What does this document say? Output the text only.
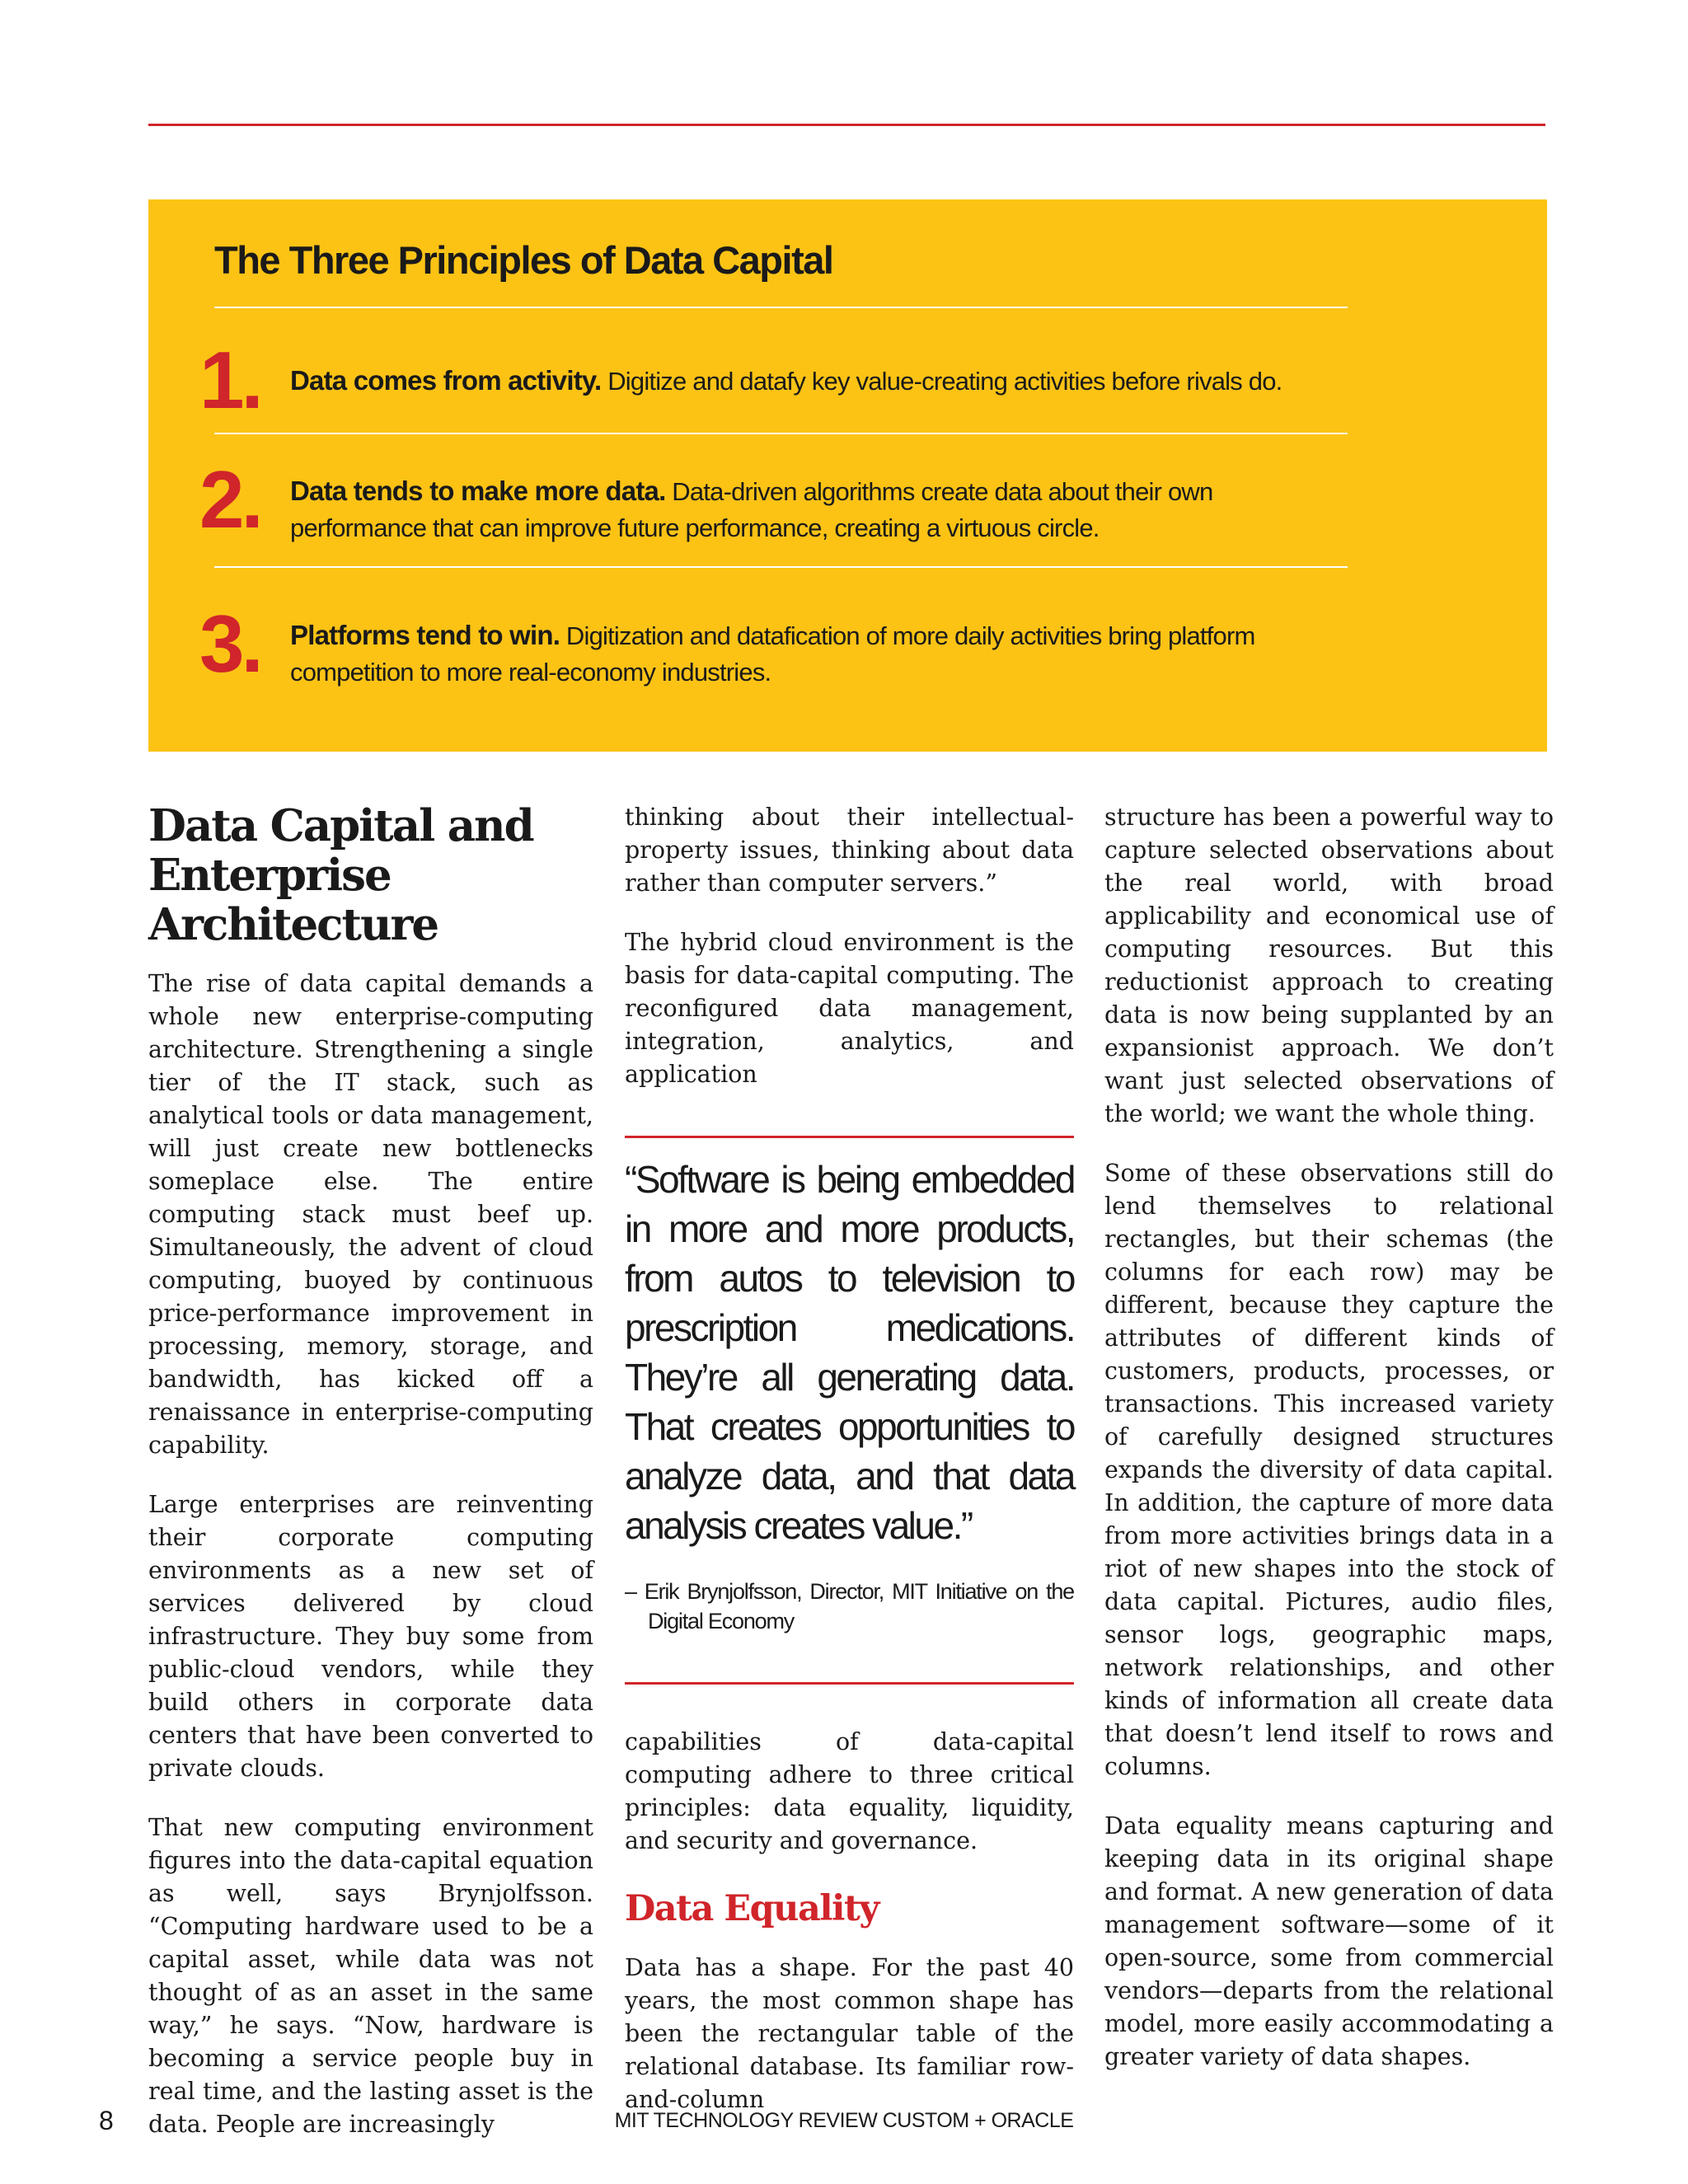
The Three Principles of Data Capital
1. Data comes from activity. Digitize and datafy key value-creating activities before rivals do.
2. Data tends to make more data. Data-driven algorithms create data about their own performance that can improve future performance, creating a virtuous circle.
3. Platforms tend to win. Digitization and datafication of more daily activities bring platform competition to more real-economy industries.
Data Capital and Enterprise Architecture

The rise of data capital demands a whole new enterprise-computing architecture. Strengthening a single tier of the IT stack, such as analytical tools or data management, will just create new bottlenecks someplace else. The entire computing stack must beef up. Simultaneously, the advent of cloud computing, buoyed by continuous price-performance improvement in processing, memory, storage, and bandwidth, has kicked off a renaissance in enterprise-computing capability.

Large enterprises are reinventing their corporate computing environments as a new set of services delivered by cloud infrastructure. They buy some from public-cloud vendors, while they build others in corporate data centers that have been converted to private clouds.

That new computing environment figures into the data-capital equation as well, says Brynjolfsson. “Computing hardware used to be a capital asset, while data was not thought of as an asset in the same way,” he says. “Now, hardware is becoming a service people buy in real time, and the lasting asset is the data. People are increasingly

thinking about their intellectual-property issues, thinking about data rather than computer servers.”

The hybrid cloud environment is the basis for data-capital computing. The reconfigured data management, integration, analytics, and application

“Software is being embedded in more and more products, from autos to television to prescription medications. They’re all generating data. That creates opportunities to analyze data, and that data analysis creates value.”

– Erik Brynjolfsson, Director, MIT Initiative on the Digital Economy

capabilities of data-capital computing adhere to three critical principles: data equality, liquidity, and security and governance.

Data Equality

Data has a shape. For the past 40 years, the most common shape has been the rectangular table of the relational database. Its familiar row-and-column

structure has been a powerful way to capture selected observations about the real world, with broad applicability and economical use of computing resources. But this reductionist approach to creating data is now being supplanted by an expansionist approach. We don’t want just selected observations of the world; we want the whole thing.

Some of these observations still do lend themselves to relational rectangles, but their schemas (the columns for each row) may be different, because they capture the attributes of different kinds of customers, products, processes, or transactions. This increased variety of carefully designed structures expands the diversity of data capital. In addition, the capture of more data from more activities brings data in a riot of new shapes into the stock of data capital. Pictures, audio files, sensor logs, geographic maps, network relationships, and other kinds of information all create data that doesn’t lend itself to rows and columns.

Data equality means capturing and keeping data in its original shape and format. A new generation of data management software—some of it open-source, some from commercial vendors—departs from the relational model, more easily accommodating a greater variety of data shapes.

8	MIT TECHNOLOGY REVIEW CUSTOM + ORACLE
